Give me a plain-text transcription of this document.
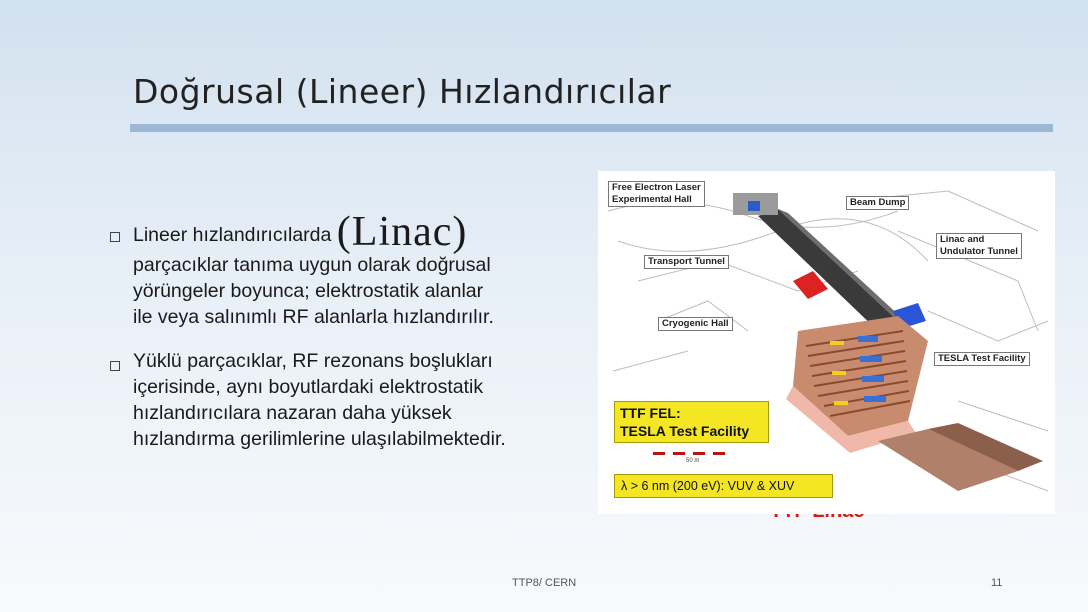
Doğrusal (Lineer) Hızlandırıcılar
Lineer hızlandırıcılarda (Linac)
parçacıklar tanıma uygun olarak doğrusal
yörüngeler boyunca; elektrostatik alanlar
ile veya salınımlı RF alanlarla hızlandırılır.
Yüklü parçacıklar, RF rezonans boşlukları
içerisinde, aynı boyutlardaki elektrostatik
hızlandırıcılara nazaran daha yüksek
hızlandırma gerilimlerine ulaşılabilmektedir.
Free Electron Laser
Experimental Hall	Beam Dump
Linac and
Undulator Tunnel
Transport Tunnel
Cryogenic Hall
TESLA Test Facility
TTF FEL:
TESLA Test Facility
50 m
λ > 6 nm (200 eV): VUV & XUV
TTP8/ CERN	11
